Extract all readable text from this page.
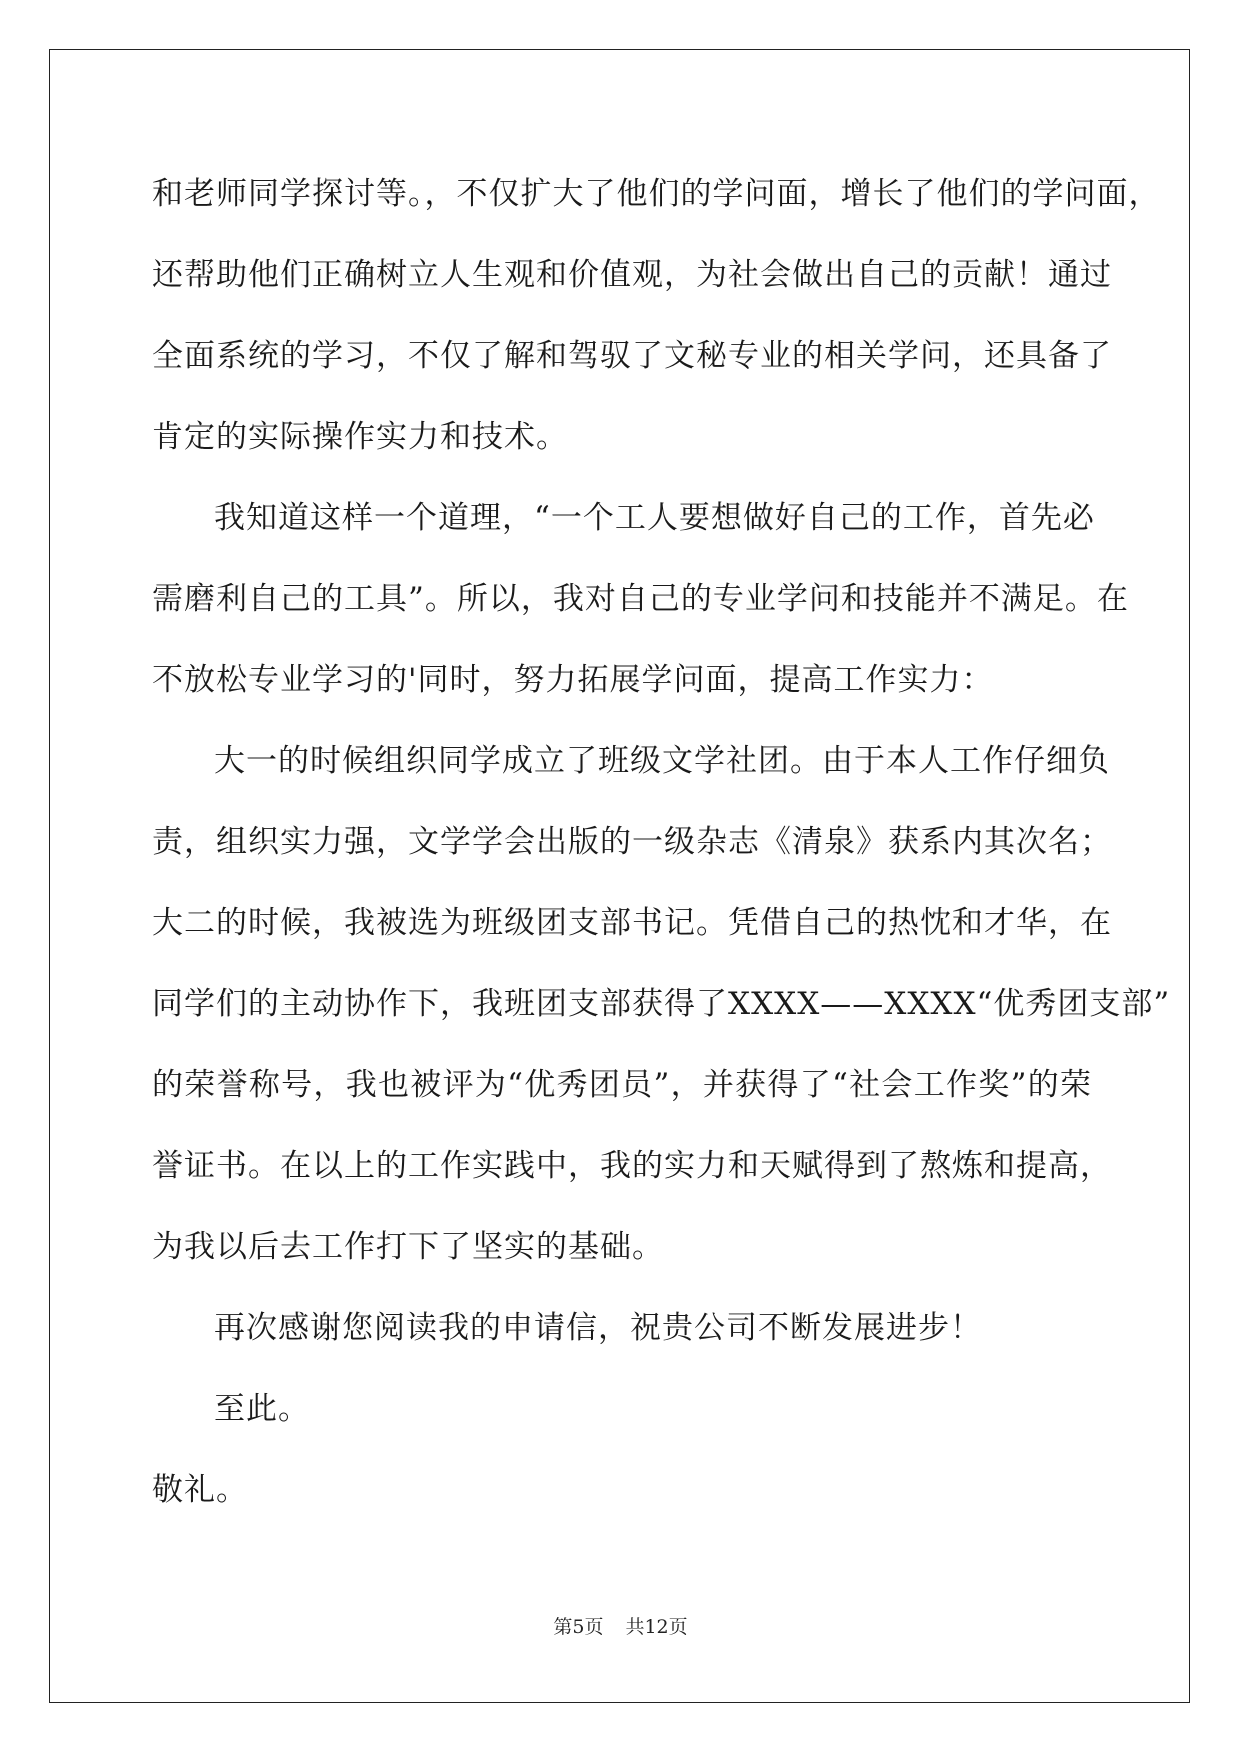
和老师同学探讨等。，不仅扩大了他们的学问面，增长了他们的学问面，
还帮助他们正确树立人生观和价值观，为社会做出自己的贡献！通过
全面系统的学习，不仅了解和驾驭了文秘专业的相关学问，还具备了
肯定的实际操作实力和技术。
我知道这样一个道理，“一个工人要想做好自己的工作，首先必
需磨利自己的工具”。所以，我对自己的专业学问和技能并不满足。在
不放松专业学习的'同时，努力拓展学问面，提高工作实力：
大一的时候组织同学成立了班级文学社团。由于本人工作仔细负
责，组织实力强，文学学会出版的一级杂志《清泉》获系内其次名；
大二的时候，我被选为班级团支部书记。凭借自己的热忱和才华，在
同学们的主动协作下，我班团支部获得了XXXX——XXXX“优秀团支部”
的荣誉称号，我也被评为“优秀团员”，并获得了“社会工作奖”的荣
誉证书。在以上的工作实践中，我的实力和天赋得到了熬炼和提高，
为我以后去工作打下了坚实的基础。
再次感谢您阅读我的申请信，祝贵公司不断发展进步！
至此。
敬礼。
第5页 共12页
